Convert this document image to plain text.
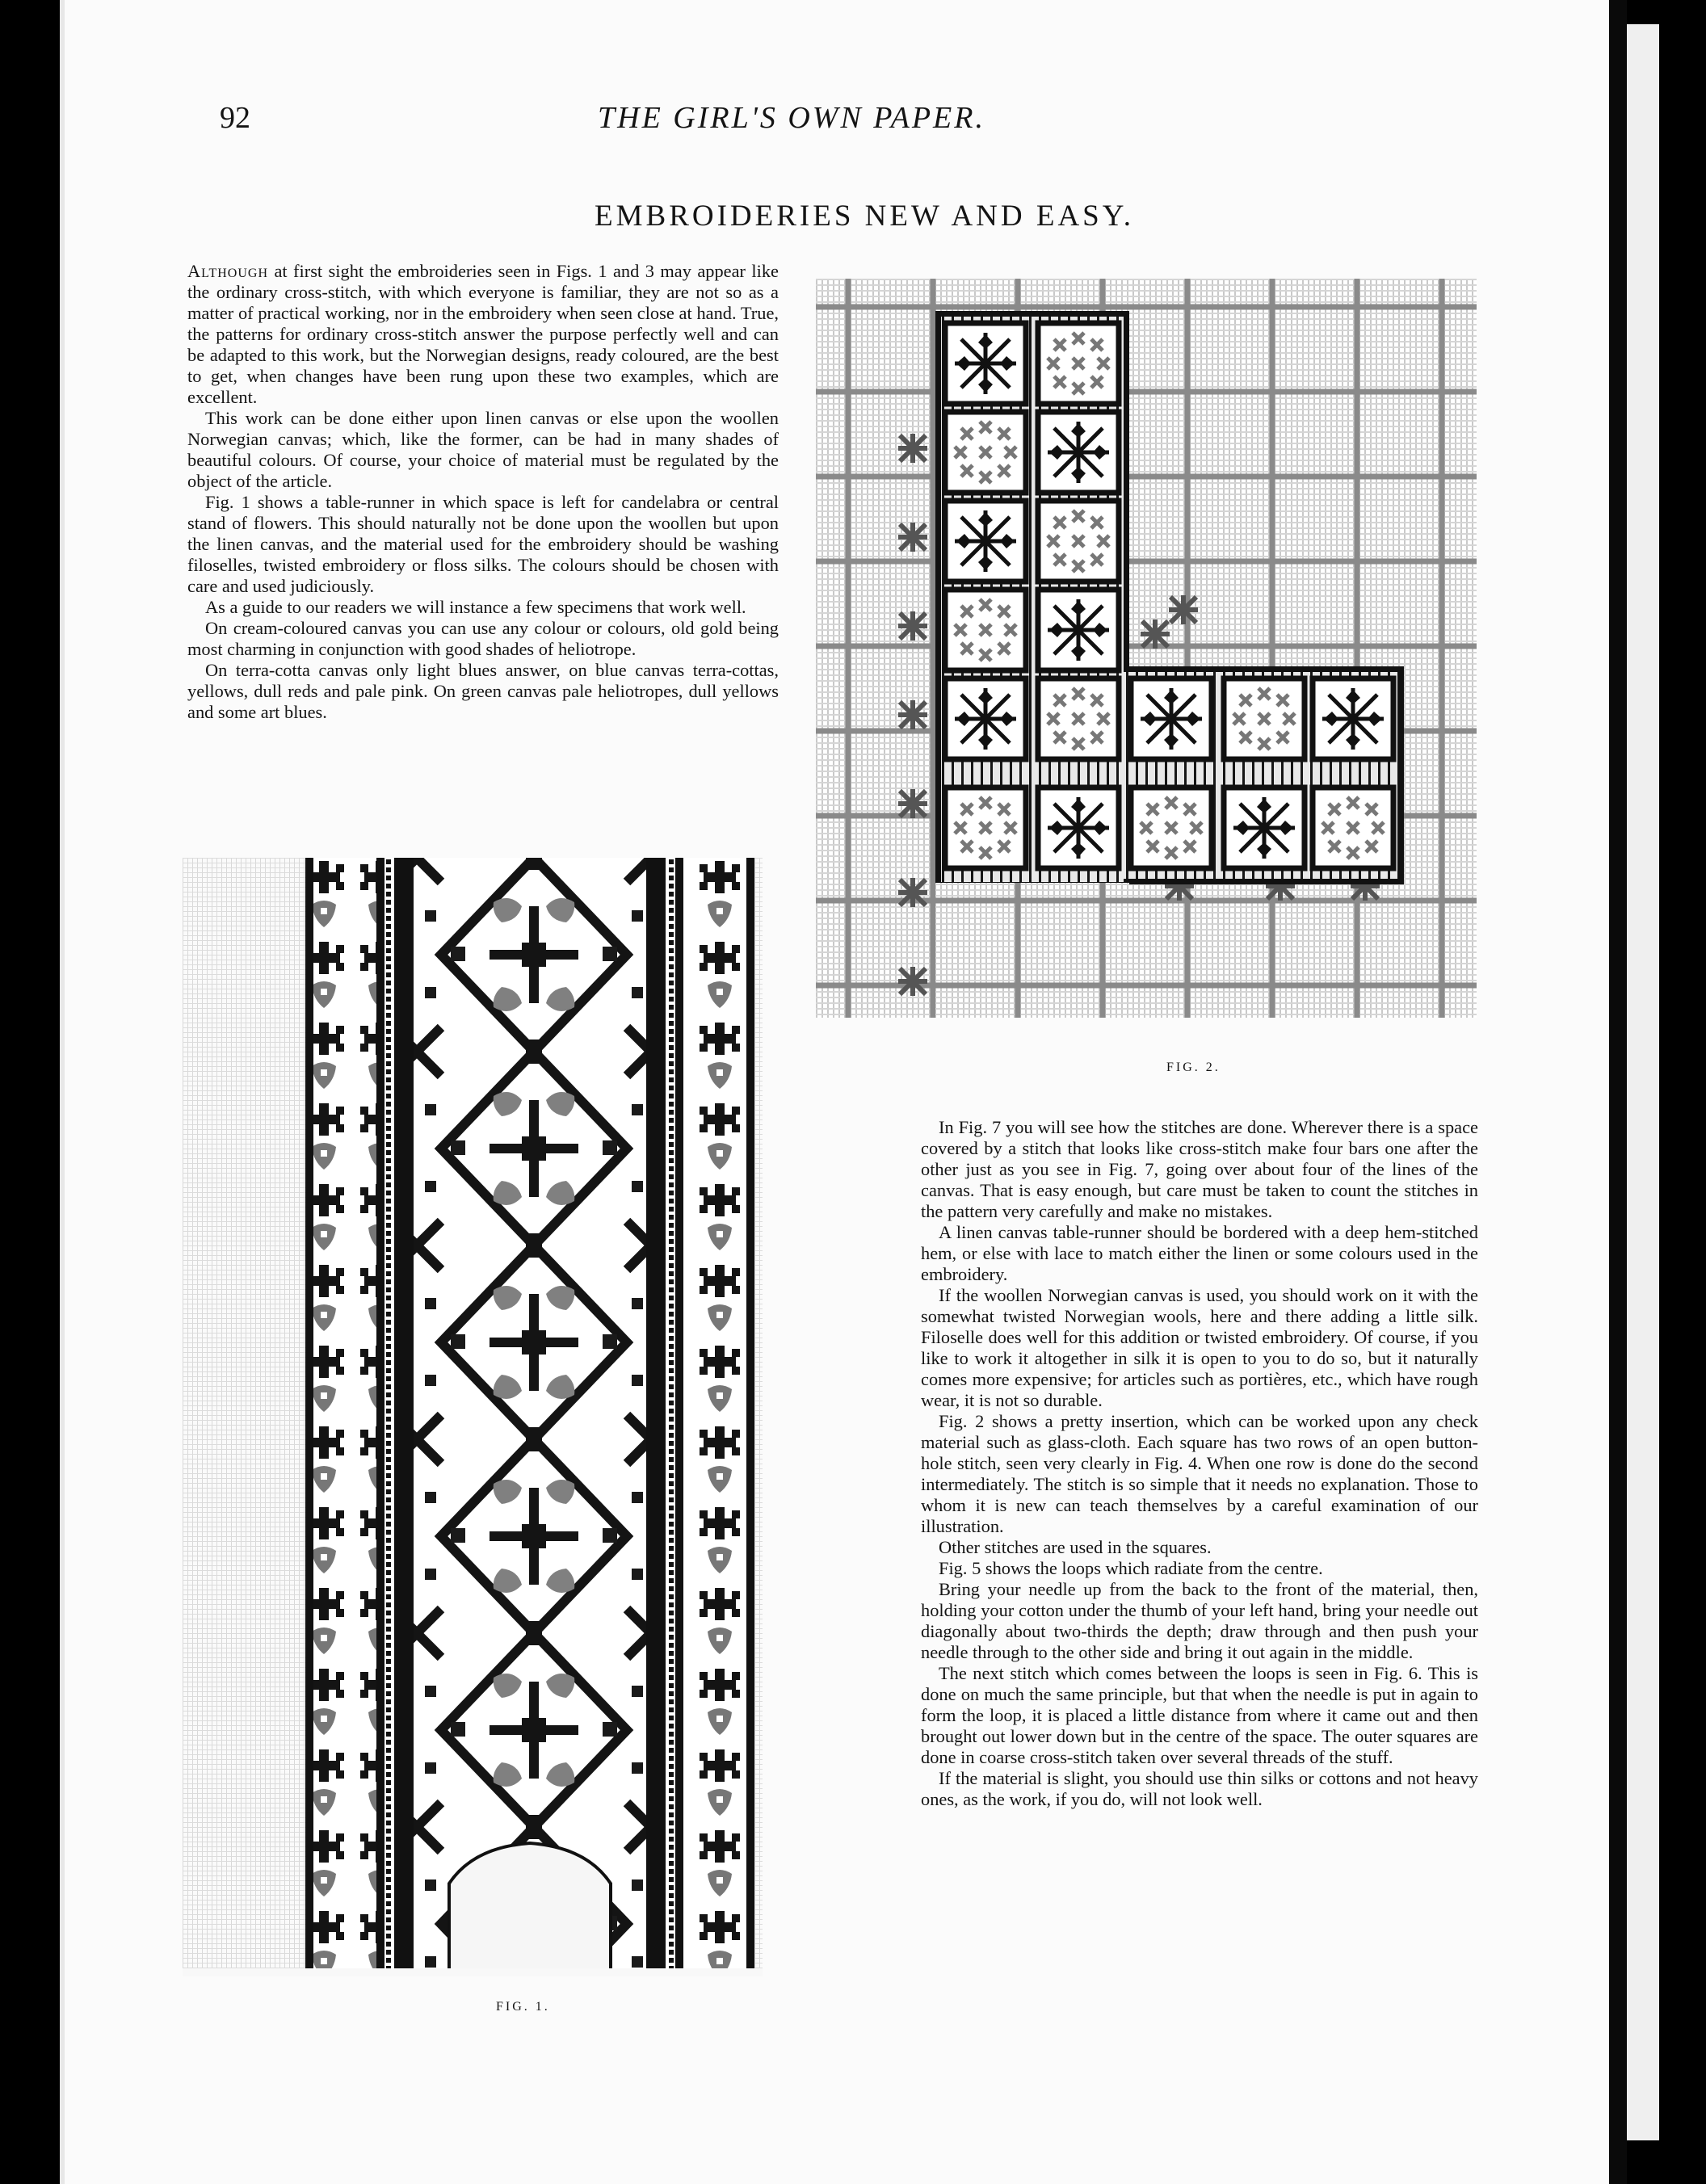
92	THE GIRL'S OWN PAPER.
EMBROIDERIES NEW AND EASY.

Although at first sight the embroideries seen in Figs. 1 and 3 may appear like the ordinary cross-stitch, with which everyone is familiar, they are not so as a matter of practical working, nor in the embroidery when seen close at hand. True, the patterns for ordinary cross-stitch answer the purpose perfectly well and can be adapted to this work, but the Norwegian designs, ready coloured, are the best to get, when changes have been rung upon these two examples, which are excellent.

This work can be done either upon linen canvas or else upon the woollen Norwegian canvas; which, like the former, can be had in many shades of beautiful colours. Of course, your choice of material must be regulated by the object of the article.

Fig. 1 shows a table-runner in which space is left for candelabra or central stand of flowers. This should naturally not be done upon the woollen but upon the linen canvas, and the material used for the embroidery should be washing filoselles, twisted embroidery or floss silks. The colours should be chosen with care and used judiciously.

As a guide to our readers we will instance a few specimens that work well.

On cream-coloured canvas you can use any colour or colours, old gold being most charming in conjunction with good shades of heliotrope.

On terra-cotta canvas only light blues answer, on blue canvas terra-cottas, yellows, dull reds and pale pink. On green canvas pale heliotropes, dull yellows and some art blues.

FIG. 2.
FIG. 1.

In Fig. 7 you will see how the stitches are done. Wherever there is a space covered by a stitch that looks like cross-stitch make four bars one after the other just as you see in Fig. 7, going over about four of the lines of the canvas. That is easy enough, but care must be taken to count the stitches in the pattern very carefully and make no mistakes.

A linen canvas table-runner should be bordered with a deep hem-stitched hem, or else with lace to match either the linen or some colours used in the embroidery.

If the woollen Norwegian canvas is used, you should work on it with the somewhat twisted Norwegian wools, here and there adding a little silk. Filoselle does well for this addition or twisted embroidery. Of course, if you like to work it altogether in silk it is open to you to do so, but it naturally comes more expensive; for articles such as portières, etc., which have rough wear, it is not so durable.

Fig. 2 shows a pretty insertion, which can be worked upon any check material such as glass-cloth. Each square has two rows of an open button-hole stitch, seen very clearly in Fig. 4. When one row is done do the second intermediately. The stitch is so simple that it needs no explanation. Those to whom it is new can teach themselves by a careful examination of our illustration.

Other stitches are used in the squares.

Fig. 5 shows the loops which radiate from the centre.

Bring your needle up from the back to the front of the material, then, holding your cotton under the thumb of your left hand, bring your needle out diagonally about two-thirds the depth; draw through and then push your needle through to the other side and bring it out again in the middle.

The next stitch which comes between the loops is seen in Fig. 6. This is done on much the same principle, but that when the needle is put in again to form the loop, it is placed a little distance from where it came out and then brought out lower down but in the centre of the space. The outer squares are done in coarse cross-stitch taken over several threads of the stuff.

If the material is slight, you should use thin silks or cottons and not heavy ones, as the work, if you do, will not look well.
